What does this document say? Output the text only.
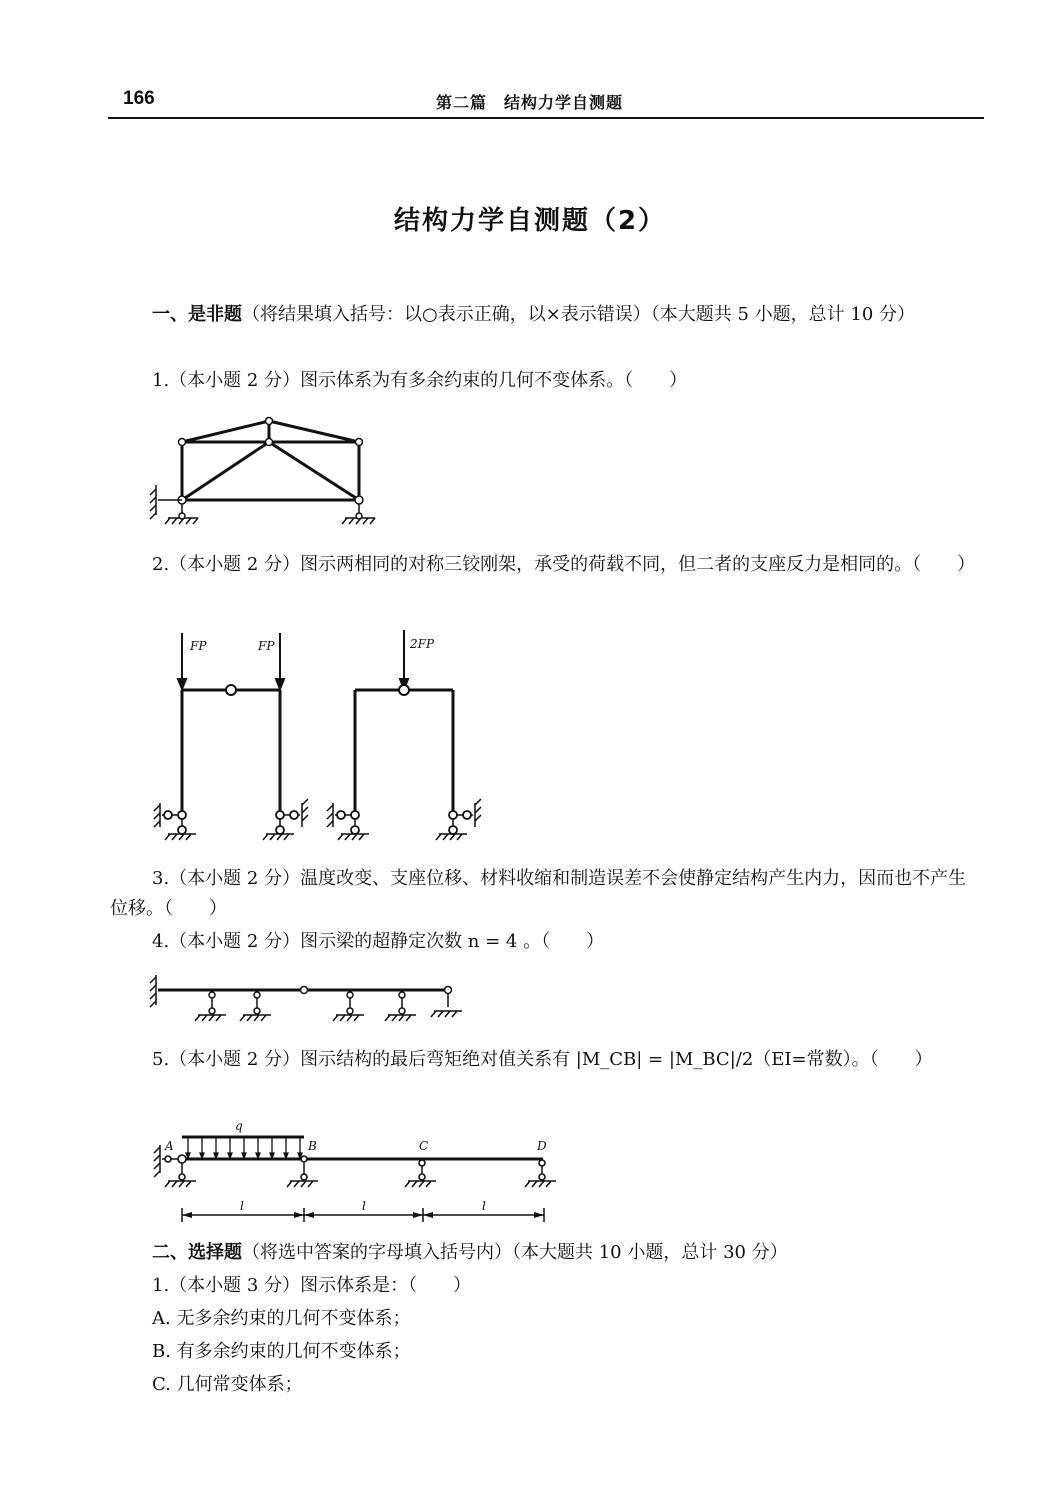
166	第二篇　结构力学自测题
结构力学自测题（2）
一、是非题（将结果填入括号：以○表示正确，以×表示错误）（本大题共 5 小题，总计 10 分）
1.（本小题 2 分）图示体系为有多余约束的几何不变体系。（　　）
2.（本小题 2 分）图示两相同的对称三铰刚架，承受的荷载不同，但二者的支座反力是相同的。（　　）
FP	FP	2FP
3.（本小题 2 分）温度改变、支座位移、材料收缩和制造误差不会使静定结构产生内力，因而也不产生位移。（　　）
4.（本小题 2 分）图示梁的超静定次数 n = 4 。（　　）
5.（本小题 2 分）图示结构的最后弯矩绝对值关系有 |M_CB| = |M_BC|/2（EI=常数）。（　　）
q
A	B	C	D
l	l	l
二、选择题（将选中答案的字母填入括号内）（本大题共 10 小题，总计 30 分）
1.（本小题 3 分）图示体系是：（　　）
A. 无多余约束的几何不变体系；
B. 有多余约束的几何不变体系；
C. 几何常变体系；
